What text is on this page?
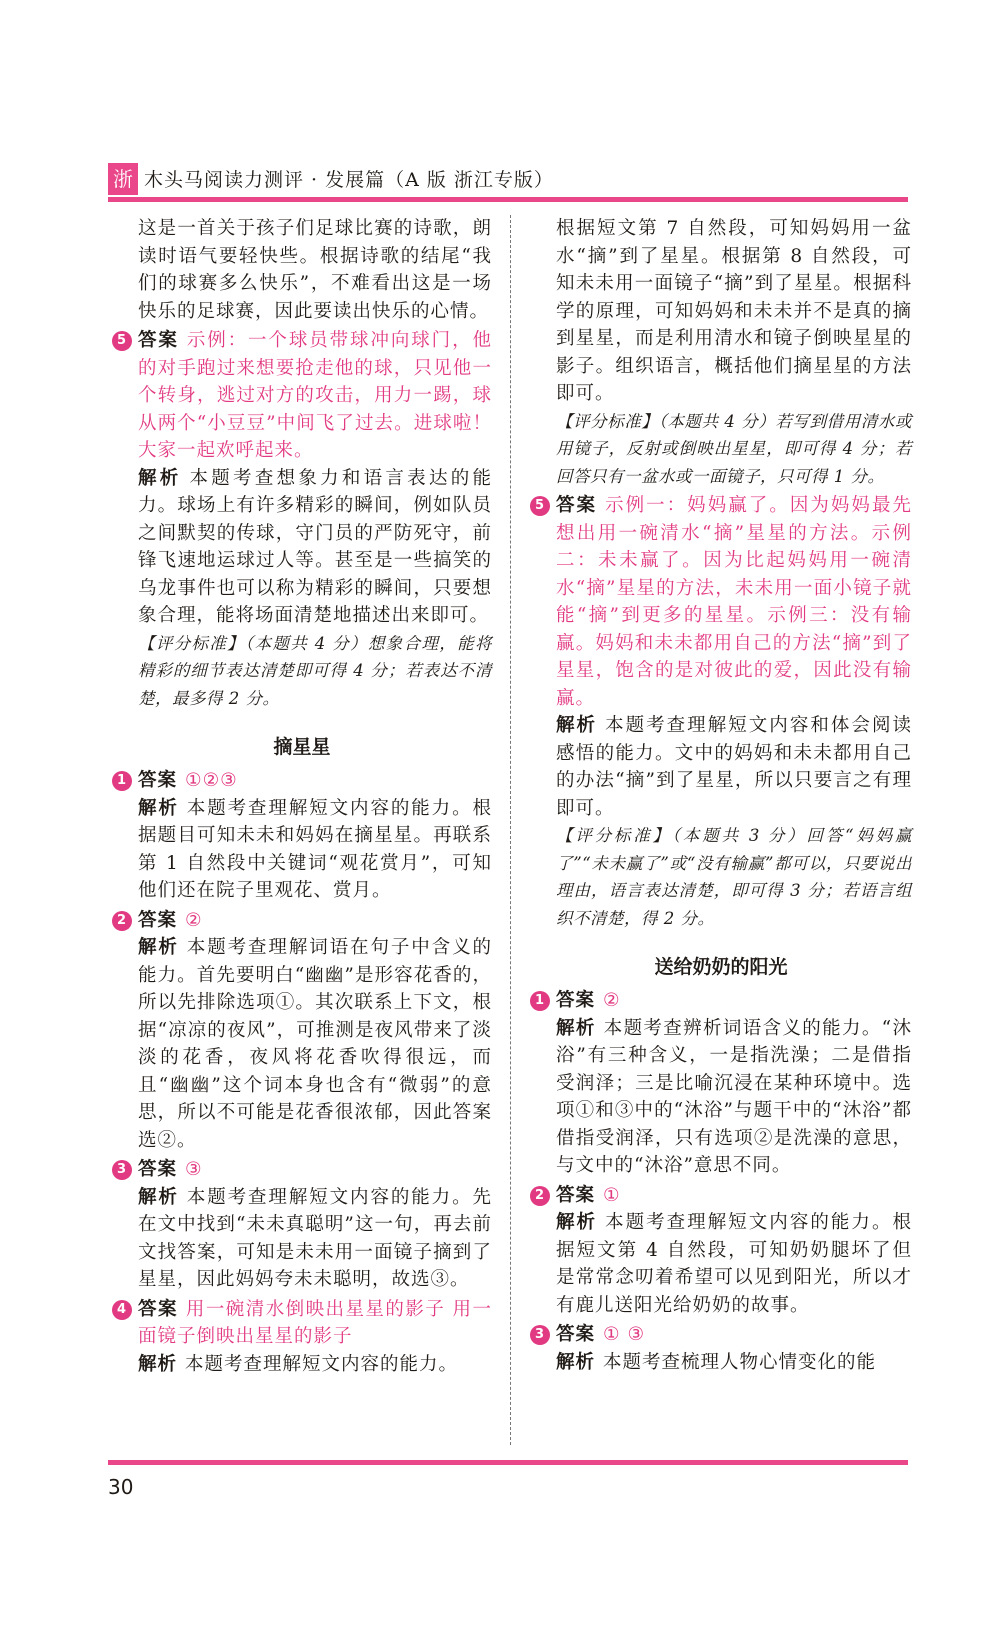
浙 木头马阅读力测评 · 发展篇（A 版 浙江专版）
这是一首关于孩子们足球比赛的诗歌，朗读时语气要轻快些。根据诗歌的结尾“我们的球赛多么快乐”，不难看出这是一场快乐的足球赛，因此要读出快乐的心情。
5 答案 示例：一个球员带球冲向球门，他的对手跑过来想要抢走他的球，只见他一个转身，逃过对方的攻击，用力一踢，球从两个“小豆豆”中间飞了过去。进球啦！大家一起欢呼起来。
解析 本题考查想象力和语言表达的能力。球场上有许多精彩的瞬间，例如队员之间默契的传球，守门员的严防死守，前锋飞速地运球过人等。甚至是一些搞笑的乌龙事件也可以称为精彩的瞬间，只要想象合理，能将场面清楚地描述出来即可。
【评分标准】（本题共 4 分）想象合理，能将精彩的细节表达清楚即可得 4 分；若表达不清楚，最多得 2 分。
摘星星
1 答案 ①②③
解析 本题考查理解短文内容的能力。根据题目可知未未和妈妈在摘星星。再联系第 1 自然段中关键词“观花赏月”，可知他们还在院子里观花、赏月。
2 答案 ②
解析 本题考查理解词语在句子中含义的能力。首先要明白“幽幽”是形容花香的，所以先排除选项①。其次联系上下文，根据“凉凉的夜风”，可推测是夜风带来了淡淡的花香，夜风将花香吹得很远，而且“幽幽”这个词本身也含有“微弱”的意思，所以不可能是花香很浓郁，因此答案选②。
3 答案 ③
解析 本题考查理解短文内容的能力。先在文中找到“未未真聪明”这一句，再去前文找答案，可知是未未用一面镜子摘到了星星，因此妈妈夸未未聪明，故选③。
4 答案 用一碗清水倒映出星星的影子 用一面镜子倒映出星星的影子
解析 本题考查理解短文内容的能力。
根据短文第 7 自然段，可知妈妈用一盆水“摘”到了星星。根据第 8 自然段，可知未未用一面镜子“摘”到了星星。根据科学的原理，可知妈妈和未未并不是真的摘到星星，而是利用清水和镜子倒映星星的影子。组织语言，概括他们摘星星的方法即可。
【评分标准】（本题共 4 分）若写到借用清水或用镜子，反射或倒映出星星，即可得 4 分；若回答只有一盆水或一面镜子，只可得 1 分。
5 答案 示例一：妈妈赢了。因为妈妈最先想出用一碗清水“摘”星星的方法。示例二：未未赢了。因为比起妈妈用一碗清水“摘”星星的方法，未未用一面小镜子就能“摘”到更多的星星。示例三：没有输赢。妈妈和未未都用自己的方法“摘”到了星星，饱含的是对彼此的爱，因此没有输赢。
解析 本题考查理解短文内容和体会阅读感悟的能力。文中的妈妈和未未都用自己的办法“摘”到了星星，所以只要言之有理即可。
【评分标准】（本题共 3 分）回答“妈妈赢了”“未未赢了”或“没有输赢”都可以，只要说出理由，语言表达清楚，即可得 3 分；若语言组织不清楚，得 2 分。
送给奶奶的阳光
1 答案 ②
解析 本题考查辨析词语含义的能力。“沐浴”有三种含义，一是指洗澡；二是借指受润泽；三是比喻沉浸在某种环境中。选项①和③中的“沐浴”与题干中的“沐浴”都借指受润泽，只有选项②是洗澡的意思，与文中的“沐浴”意思不同。
2 答案 ①
解析 本题考查理解短文内容的能力。根据短文第 4 自然段，可知奶奶腿坏了但是常常念叨着希望可以见到阳光，所以才有鹿儿送阳光给奶奶的故事。
3 答案 ① ③
解析 本题考查梳理人物心情变化的能
30
